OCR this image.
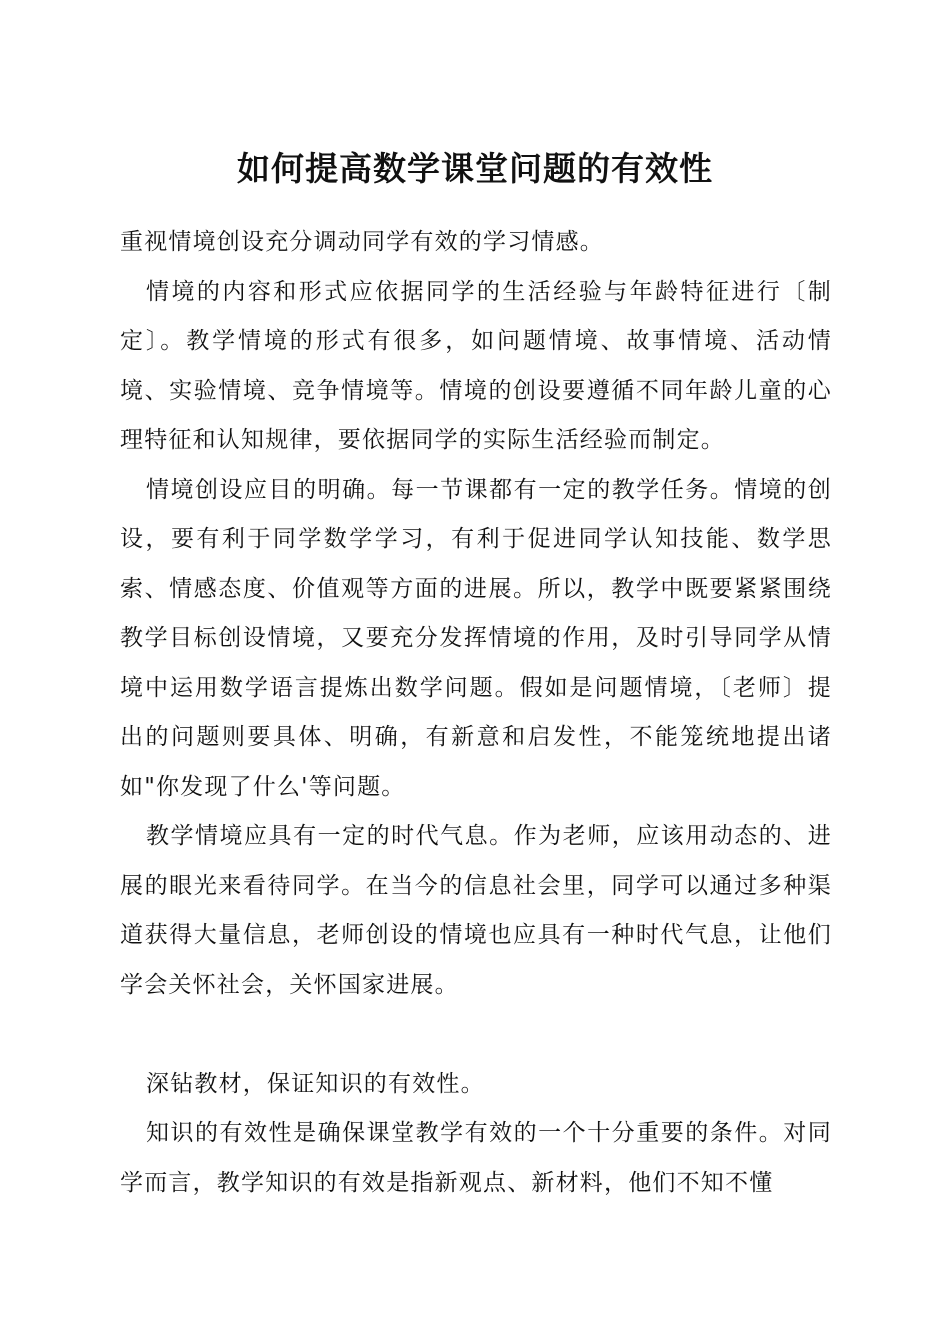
如何提高数学课堂问题的有效性

重视情境创设充分调动同学有效的学习情感。

情境的内容和形式应依据同学的生活经验与年龄特征进行〔制定〕。教学情境的形式有很多，如问题情境、故事情境、活动情境、实验情境、竞争情境等。情境的创设要遵循不同年龄儿童的心理特征和认知规律，要依据同学的实际生活经验而制定。

情境创设应目的明确。每一节课都有一定的教学任务。情境的创设，要有利于同学数学学习，有利于促进同学认知技能、数学思索、情感态度、价值观等方面的进展。所以，教学中既要紧紧围绕教学目标创设情境，又要充分发挥情境的作用，及时引导同学从情境中运用数学语言提炼出数学问题。假如是问题情境，〔老师〕提出的问题则要具体、明确，有新意和启发性，不能笼统地提出诸如"你发现了什么'等问题。

教学情境应具有一定的时代气息。作为老师，应该用动态的、进展的眼光来看待同学。在当今的信息社会里，同学可以通过多种渠道获得大量信息，老师创设的情境也应具有一种时代气息，让他们学会关怀社会，关怀国家进展。

深钻教材，保证知识的有效性。

知识的有效性是确保课堂教学有效的一个十分重要的条件。对同学而言，教学知识的有效是指新观点、新材料，他们不知不懂
